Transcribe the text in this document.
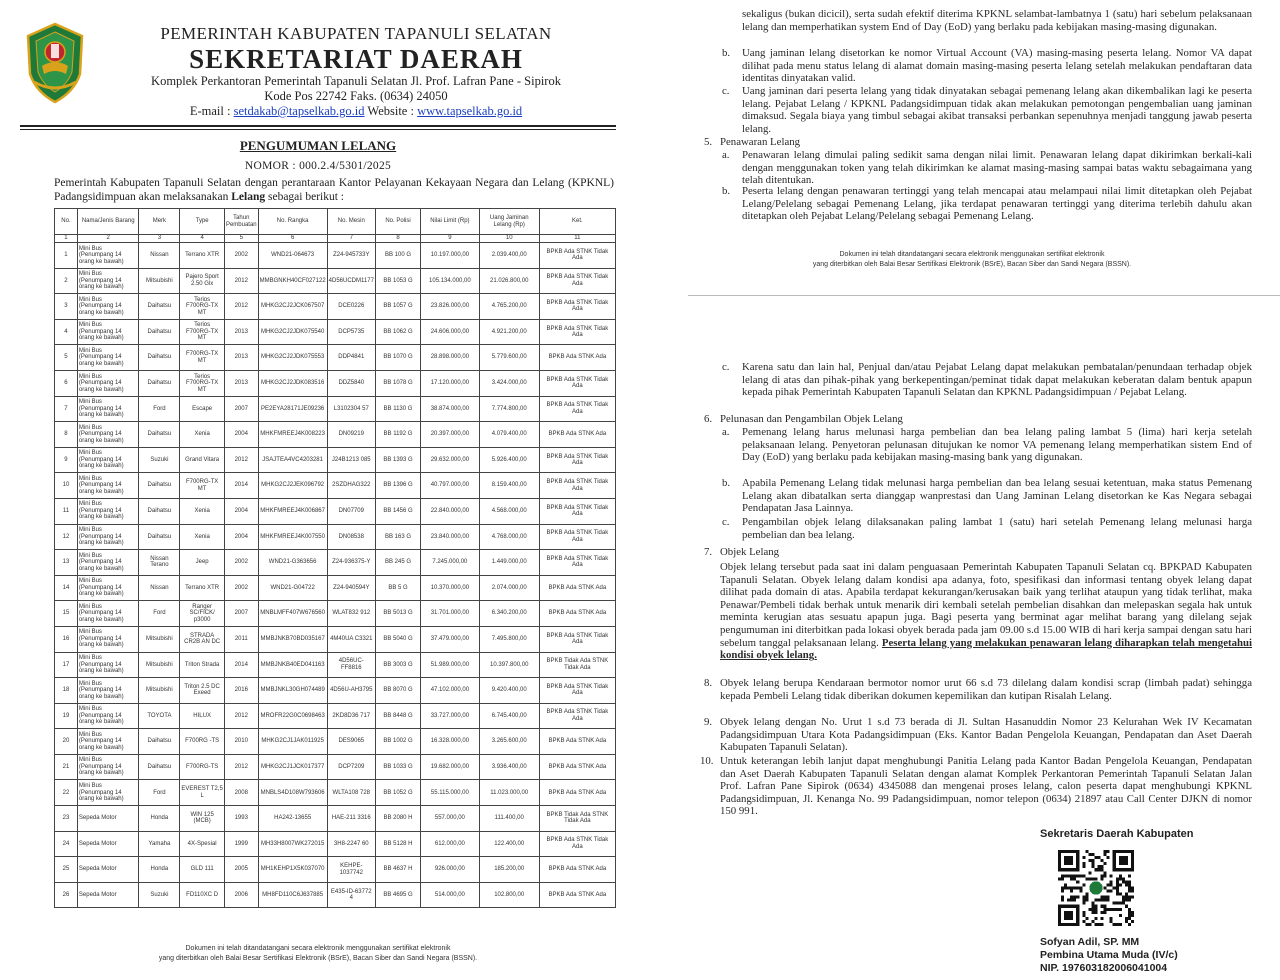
PEMERINTAH KABUPATEN TAPANULI SELATAN
SEKRETARIAT DAERAH
Komplek Perkantoran Pemerintah Tapanuli Selatan Jl. Prof. Lafran Pane - Sipirok
Kode Pos 22742 Faks. (0634) 24050
E-mail : setdakab@tapselkab.go.id Website : www.tapselkab.go.id
PENGUMUMAN LELANG
NOMOR : 000.2.4/5301/2025
Pemerintah Kabupaten Tapanuli Selatan dengan perantaraan Kantor Pelayanan Kekayaan Negara dan Lelang (KPKNL) Padangsidimpuan akan melaksanakan Lelang sebagai berikut :
No.	Nama/Jenis Barang	Merk	Type	Tahun Pembuatan	No. Rangka	No. Mesin	No. Polisi	Nilai Limit (Rp)	Uang Jaminan Lelang (Rp)	Ket.
1	2	3	4	5	6	7	8	9	10	11
1	Mini Bus (Penumpang 14 orang ke bawah)	Nissan	Terrano XTR	2002	WND21-064673	Z24-945733Y	BB 100 G	10.197.000,00	2.039.400,00	BPKB Ada STNK Tidak Ada
2	Mini Bus (Penumpang 14 orang ke bawah)	Mitsubishi	Pajero Sport 2.50 Glx	2012	MMBGNKH40CF027122	4D56UCDM1177	BB 1053 G	105.134.000,00	21.026.800,00	BPKB Ada STNK Tidak Ada
3	Mini Bus (Penumpang 14 orang ke bawah)	Daihatsu	Terios F700RG-TX MT	2012	MHKG2CJ2JCK067507	DCE0226	BB 1057 G	23.826.000,00	4.765.200,00	BPKB Ada STNK Tidak Ada
4	Mini Bus (Penumpang 14 orang ke bawah)	Daihatsu	Terios F700RG-TX MT	2013	MHKG2CJ2JDK075540	DCP5735	BB 1062 G	24.606.000,00	4.921.200,00	BPKB Ada STNK Tidak Ada
5	Mini Bus (Penumpang 14 orang ke bawah)	Daihatsu	F700RG-TX MT	2013	MHKG2CJ2JDK075553	DDP4841	BB 1070 G	28.898.000,00	5.779.600,00	BPKB Ada STNK Ada
6	Mini Bus (Penumpang 14 orang ke bawah)	Daihatsu	Terios F700RG-TX MT	2013	MHKG2CJ2JDK083516	DDZ5840	BB 1078 G	17.120.000,00	3.424.000,00	BPKB Ada STNK Tidak Ada
7	Mini Bus (Penumpang 14 orang ke bawah)	Ford	Escape	2007	PE2EYA28171JE09236	L3102304 57	BB 1130 G	38.874.000,00	7.774.800,00	BPKB Ada STNK Tidak Ada
8	Mini Bus (Penumpang 14 orang ke bawah)	Daihatsu	Xenia	2004	MHKFMREEJ4K008223	DN09219	BB 1192 G	20.397.000,00	4.079.400,00	BPKB Ada STNK Ada
9	Mini Bus (Penumpang 14 orang ke bawah)	Suzuki	Grand Vitara	2012	JSAJTEA4VC4203281	J24B1213 085	BB 1393 G	29.632.000,00	5.926.400,00	BPKB Ada STNK Tidak Ada
10	Mini Bus (Penumpang 14 orang ke bawah)	Daihatsu	F700RG-TX MT	2014	MHKG2CJ2JEK096792	2SZDHAG322	BB 1396 G	40.797.000,00	8.159.400,00	BPKB Ada STNK Tidak Ada
11	Mini Bus (Penumpang 14 orang ke bawah)	Daihatsu	Xenia	2004	MHKFMREEJ4K006867	DN07709	BB 1456 G	22.840.000,00	4.568.000,00	BPKB Ada STNK Tidak Ada
12	Mini Bus (Penumpang 14 orang ke bawah)	Daihatsu	Xenia	2004	MHKFMREEJ4K007550	DN08538	BB 163 G	23.840.000,00	4.768.000,00	BPKB Ada STNK Tidak Ada
13	Mini Bus (Penumpang 14 orang ke bawah)	Nissan Terano	Jeep	2002	WND21-G363656	Z24-936375-Y	BB 245 G	7.245.000,00	1.449.000,00	BPKB Ada STNK Tidak Ada
14	Mini Bus (Penumpang 14 orang ke bawah)	Nissan	Terrano XTR	2002	WND21-G04722	Z24-940594Y	BB 5 G	10.370.000,00	2.074.000,00	BPKB Ada STNK Ada
15	Mini Bus (Penumpang 14 orang ke bawah)	Ford	Ranger SC/FICK/ p3000	2007	MNBLMFF407W676560	WLAT832 912	BB 5013 G	31.701.000,00	6.340.200,00	BPKB Ada STNK Ada
16	Mini Bus (Penumpang 14 orang ke bawah)	Mitsubishi	STRADA CR2B AN DC	2011	MMBJNKB70BD035167	4M40UA C3321	BB 5040 G	37.479.000,00	7.495.800,00	BPKB Ada STNK Tidak Ada
17	Mini Bus (Penumpang 14 orang ke bawah)	Mitsubishi	Triton Strada	2014	MMBJNKB40ED041163	4D56UC-FF8816	BB 3003 G	51.989.000,00	10.397.800,00	BPKB Tidak Ada STNK Tidak Ada
18	Mini Bus (Penumpang 14 orang ke bawah)	Mitsubishi	Triton 2.5 DC Exeed	2016	MMBJNKL30GH074489	4D56U-AH3795	BB 8070 G	47.102.000,00	9.420.400,00	BPKB Ada STNK Tidak Ada
19	Mini Bus (Penumpang 14 orang ke bawah)	TOYOTA	HILUX	2012	MROFR22G0C0698463	2KD8D36 717	BB 8448 G	33.727.000,00	6.745.400,00	BPKB Ada STNK Tidak Ada
20	Mini Bus (Penumpang 14 orang ke bawah)	Daihatsu	F700RG -TS	2010	MHKG2CJ1JAK011925	DES9065	BB 1002 G	16.328.000,00	3.265.600,00	BPKB Ada STNK Ada
21	Mini Bus (Penumpang 14 orang ke bawah)	Daihatsu	F700RG-TS	2012	MHKG2CJ1JCK017377	DCP7209	BB 1033 G	19.682.000,00	3.936.400,00	BPKB Ada STNK Ada
22	Mini Bus (Penumpang 14 orang ke bawah)	Ford	EVEREST T2,5 L	2008	MNBLS4D108W793606	WLTA108 728	BB 1052 G	55.115.000,00	11.023.000,00	BPKB Ada STNK Ada
23	Sepeda Motor	Honda	WIN 125 (MCB)	1993	HA242-13655	HAE-211 3316	BB 2080 H	557.000,00	111.400,00	BPKB Tidak Ada STNK Tidak Ada
24	Sepeda Motor	Yamaha	4X-Spesial	1999	MH33H8007WK272015	3H8-2247 60	BB 5128 H	612.000,00	122.400,00	BPKB Ada STNK Tidak Ada
25	Sepeda Motor	Honda	GLD 111	2005	MH1KEHP1X5K037070	KEHPE-1037742	BB 4637 H	926.000,00	185.200,00	BPKB Ada STNK Ada
26	Sepeda Motor	Suzuki	FD110XC D	2006	MH8FD110C6J637885	E435-ID-63772 4	BB 4695 G	514.000,00	102.800,00	BPKB Ada STNK Ada
Dokumen ini telah ditandatangani secara elektronik menggunakan sertifikat elektronik
yang diterbitkan oleh Balai Besar Sertifikasi Elektronik (BSrE), Bacan Siber dan Sandi Negara (BSSN).
sekaligus (bukan dicicil), serta sudah efektif diterima KPKNL selambat-lambatnya 1 (satu) hari sebelum pelaksanaan lelang dan memperhatikan system End of Day (EoD) yang berlaku pada kebijakan masing-masing digunakan.
b. Uang jaminan lelang disetorkan ke nomor Virtual Account (VA) masing-masing peserta lelang. Nomor VA dapat dilihat pada menu status lelang di alamat domain masing-masing peserta lelang setelah melakukan pendaftaran data identitas dinyatakan valid.
c. Uang jaminan dari peserta lelang yang tidak dinyatakan sebagai pemenang lelang akan dikembalikan lagi ke peserta lelang. Pejabat Lelang / KPKNL Padangsidimpuan tidak akan melakukan pemotongan pengembalian uang jaminan dimaksud. Segala biaya yang timbul sebagai akibat transaksi perbankan sepenuhnya menjadi tanggung jawab peserta lelang.
5. Penawaran Lelang
a. Penawaran lelang dimulai paling sedikit sama dengan nilai limit. Penawaran lelang dapat dikirimkan berkali-kali dengan menggunakan token yang telah dikirimkan ke alamat masing-masing sampai batas waktu sebagaimana yang telah ditentukan.
b. Peserta lelang dengan penawaran tertinggi yang telah mencapai atau melampaui nilai limit ditetapkan oleh Pejabat Lelang/Pelelang sebagai Pemenang Lelang, jika terdapat penawaran tertinggi yang diterima terlebih dahulu akan ditetapkan oleh Pejabat Lelang/Pelelang sebagai Pemenang Lelang.
Dokumen ini telah ditandatangani secara elektronik menggunakan sertifikat elektronik
yang diterbitkan oleh Balai Besar Sertifikasi Elektronik (BSrE), Bacan Siber dan Sandi Negara (BSSN).
c. Karena satu dan lain hal, Penjual dan/atau Pejabat Lelang dapat melakukan pembatalan/penundaan terhadap objek lelang di atas dan pihak-pihak yang berkepentingan/peminat tidak dapat melakukan keberatan dalam bentuk apapun kepada pihak Pemerintah Kabupaten Tapanuli Selatan dan KPKNL Padangsidimpuan / Pejabat Lelang.
6. Pelunasan dan Pengambilan Objek Lelang
a. Pemenang lelang harus melunasi harga pembelian dan bea lelang paling lambat 5 (lima) hari kerja setelah pelaksanaan lelang. Penyetoran pelunasan ditujukan ke nomor VA pemenang lelang memperhatikan sistem End of Day (EoD) yang berlaku pada kebijakan masing-masing bank yang digunakan.
b. Apabila Pemenang Lelang tidak melunasi harga pembelian dan bea lelang sesuai ketentuan, maka status Pemenang Lelang akan dibatalkan serta dianggap wanprestasi dan Uang Jaminan Lelang disetorkan ke Kas Negara sebagai Pendapatan Jasa Lainnya.
c. Pengambilan objek lelang dilaksanakan paling lambat 1 (satu) hari setelah Pemenang lelang melunasi harga pembelian dan bea lelang.
7. Objek Lelang
Objek lelang tersebut pada saat ini dalam penguasaan Pemerintah Kabupaten Tapanuli Selatan cq. BPKPAD Kabupaten Tapanuli Selatan. Obyek lelang dalam kondisi apa adanya, foto, spesifikasi dan informasi tentang obyek lelang dapat dilihat pada domain di atas. Apabila terdapat kekurangan/kerusakan baik yang terlihat ataupun yang tidak terlihat, maka Penawar/Pembeli tidak berhak untuk menarik diri kembali setelah pembelian disahkan dan melepaskan segala hak untuk meminta kerugian atas sesuatu apapun juga. Bagi peserta yang berminat agar melihat barang yang dilelang sejak pengumuman ini diterbitkan pada lokasi obyek berada pada jam 09.00 s.d 15.00 WIB di hari kerja sampai dengan satu hari sebelum tanggal pelaksanaan lelang. Peserta lelang yang melakukan penawaran lelang diharapkan telah mengetahui kondisi obyek lelang.
8. Obyek lelang berupa Kendaraan bermotor nomor urut 66 s.d 73 dilelang dalam kondisi scrap (limbah padat) sehingga kepada Pembeli Lelang tidak diberikan dokumen kepemilikan dan kutipan Risalah Lelang.
9. Obyek lelang dengan No. Urut 1 s.d 73 berada di Jl. Sultan Hasanuddin Nomor 23 Kelurahan Wek IV Kecamatan Padangsidimpuan Utara Kota Padangsidimpuan (Eks. Kantor Badan Pengelola Keuangan, Pendapatan dan Aset Daerah Kabupaten Tapanuli Selatan).
10. Untuk keterangan lebih lanjut dapat menghubungi Panitia Lelang pada Kantor Badan Pengelola Keuangan, Pendapatan dan Aset Daerah Kabupaten Tapanuli Selatan dengan alamat Komplek Perkantoran Pemerintah Tapanuli Selatan Jalan Prof. Lafran Pane Sipirok (0634) 4345088 dan mengenai proses lelang, calon peserta dapat menghubungi KPKNL Padangsidimpuan, Jl. Kenanga No. 99 Padangsidimpuan, nomor telepon (0634) 21897 atau Call Center DJKN di nomor 150 991.
Sekretaris Daerah Kabupaten
Sofyan Adil, SP. MM
Pembina Utama Muda (IV/c)
NIP. 197603182006041004
